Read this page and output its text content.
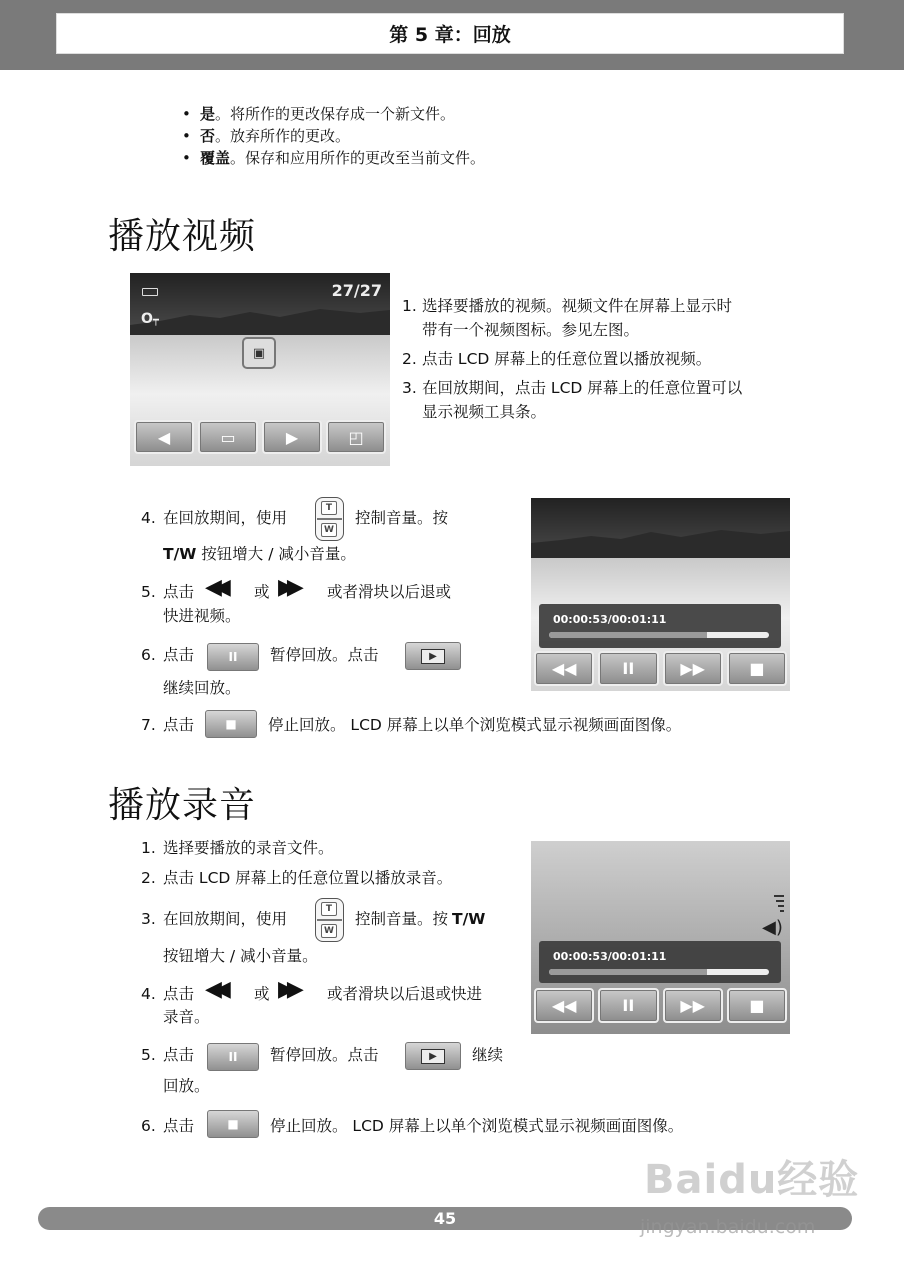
第 5 章：回放
• 是。将所作的更改保存成一个新文件。
• 否。放弃所作的更改。
• 覆盖。保存和应用所作的更改至当前文件。
播放视频
O┯
27/27
▣
◀	▭	▶	◰
1. 选择要播放的视频。视频文件在屏幕上显示时
带有一个视频图标。参见左图。
2. 点击 LCD 屏幕上的任意位置以播放视频。
3. 在回放期间，点击 LCD 屏幕上的任意位置可以
显示视频工具条。
4. 在回放期间，使用
T
W
控制音量。按
T/W 按钮增大 / 减小音量。
5. 点击 ◀◀ 或 ▶▶ 或者滑块以后退或
快进视频。
6. 点击	II	暂停回放。点击	▶
继续回放。
7. 点击	■	停止回放。 LCD 屏幕上以单个浏览模式显示视频画面图像。
00:00:53/00:01:11
◀◀	II	▶▶	■
播放录音
1. 选择要播放的录音文件。
2. 点击 LCD 屏幕上的任意位置以播放录音。
3. 在回放期间，使用
T
W
控制音量。按 T/W
按钮增大 / 减小音量。
4. 点击 ◀◀ 或 ▶▶ 或者滑块以后退或快进
录音。
5. 点击	II	暂停回放。点击	▶	继续
回放。
6. 点击	■	停止回放。 LCD 屏幕上以单个浏览模式显示视频画面图像。
◀)
00:00:53/00:01:11
◀◀	II	▶▶	■
45
Baidu经验
jingyan.baidu.com
